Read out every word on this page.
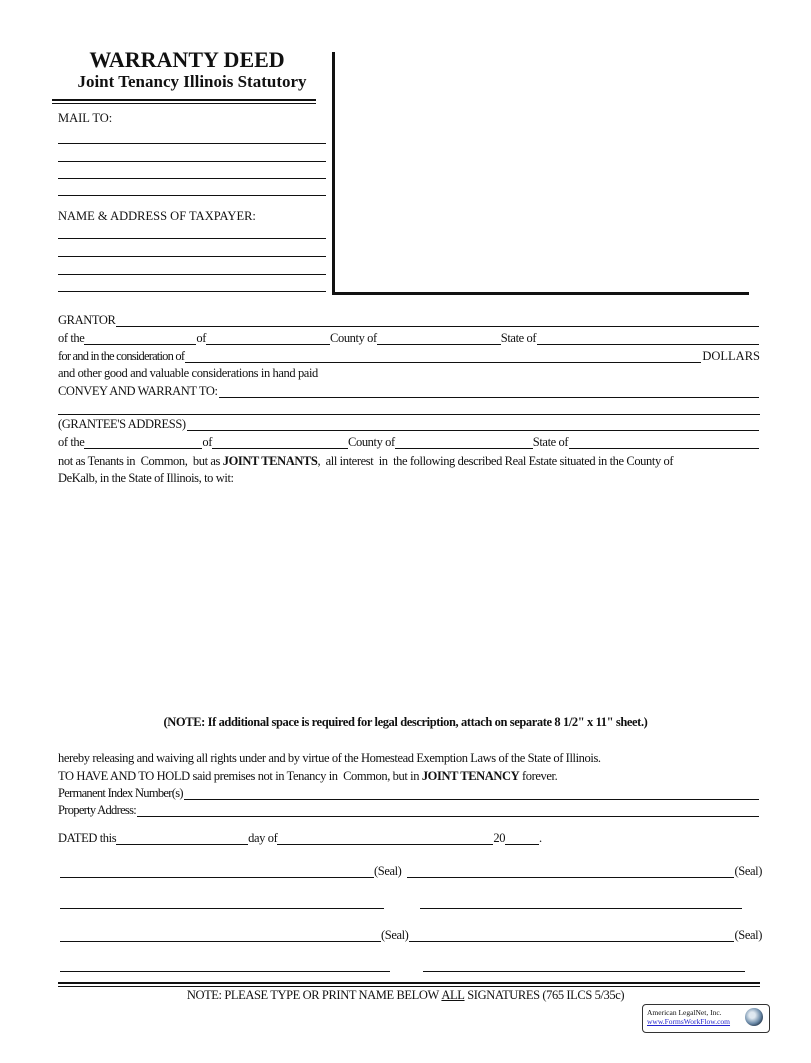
WARRANTY DEED
Joint Tenancy Illinois Statutory
MAIL TO:
NAME & ADDRESS OF TAXPAYER:
GRANTOR
of the	of	County of	State of
for and in the consideration of	DOLLARS
and other good and valuable considerations in hand paid
CONVEY AND WARRANT TO:
(GRANTEE'S ADDRESS)
of the	of	County of	State of
not as Tenants in  Common,  but as JOINT TENANTS ,  all interest  in  the following described Real Estate situated in the County of
DeKalb, in the State of Illinois, to wit:
(NOTE: If additional space is required for legal description, attach on separate 8 1/2" x 11" sheet.)
hereby releasing and waiving all rights under and by virtue of the Homestead Exemption Laws of the State of Illinois.
TO HAVE AND TO HOLD said premises not in Tenancy in  Common, but in JOINT TENANCY forever.
Permanent Index Number(s)
Property Address:
DATED this	day of	20	.
(Seal)	(Seal)
(Seal)	(Seal)
NOTE: PLEASE TYPE OR PRINT NAME BELOW ALL SIGNATURES (765 ILCS 5/35c)
American LegalNet, Inc.
www.FormsWorkFlow.com
